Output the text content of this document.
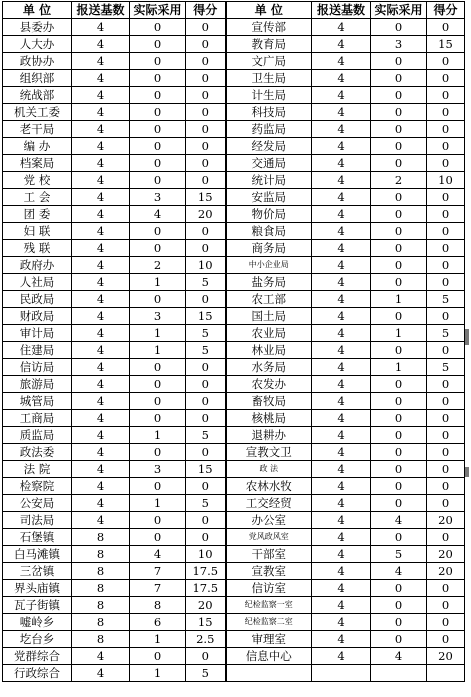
单 位	报送基数	实际采用	得分	单 位	报送基数	实际采用	得分
县委办	4	0	0	宣传部	4	0	0
人大办	4	0	0	教育局	4	3	15
政协办	4	0	0	文广局	4	0	0
组织部	4	0	0	卫生局	4	0	0
统战部	4	0	0	计生局	4	0	0
机关工委	4	0	0	科技局	4	0	0
老干局	4	0	0	药监局	4	0	0
编 办	4	0	0	经发局	4	0	0
档案局	4	0	0	交通局	4	0	0
党 校	4	0	0	统计局	4	2	10
工 会	4	3	15	安监局	4	0	0
团 委	4	4	20	物价局	4	0	0
妇 联	4	0	0	粮食局	4	0	0
残 联	4	0	0	商务局	4	0	0
政府办	4	2	10	中小企业局	4	0	0
人社局	4	1	5	盐务局	4	0	0
民政局	4	0	0	农工部	4	1	5
财政局	4	3	15	国土局	4	0	0
审计局	4	1	5	农业局	4	1	5
住建局	4	1	5	林业局	4	0	0
信访局	4	0	0	水务局	4	1	5
旅游局	4	0	0	农发办	4	0	0
城管局	4	0	0	畜牧局	4	0	0
工商局	4	0	0	核桃局	4	0	0
质监局	4	1	5	退耕办	4	0	0
政法委	4	0	0	宣教文卫	4	0	0
法 院	4	3	15	政 法	4	0	0
检察院	4	0	0	农林水牧	4	0	0
公安局	4	1	5	工交经贸	4	0	0
司法局	4	0	0	办公室	4	4	20
石堡镇	8	0	0	党风政风室	4	0	0
白马滩镇	8	4	10	干部室	4	5	20
三岔镇	8	7	17.5	宣教室	4	4	20
界头庙镇	8	7	17.5	信访室	4	0	0
瓦子街镇	8	8	20	纪检监察一室	4	0	0
嘘岭乡	8	6	15	纪检监察二室	4	0	0
圪台乡	8	1	2.5	审理室	4	0	0
党群综合	4	0	0	信息中心	4	4	20
行政综合	4	1	5				
